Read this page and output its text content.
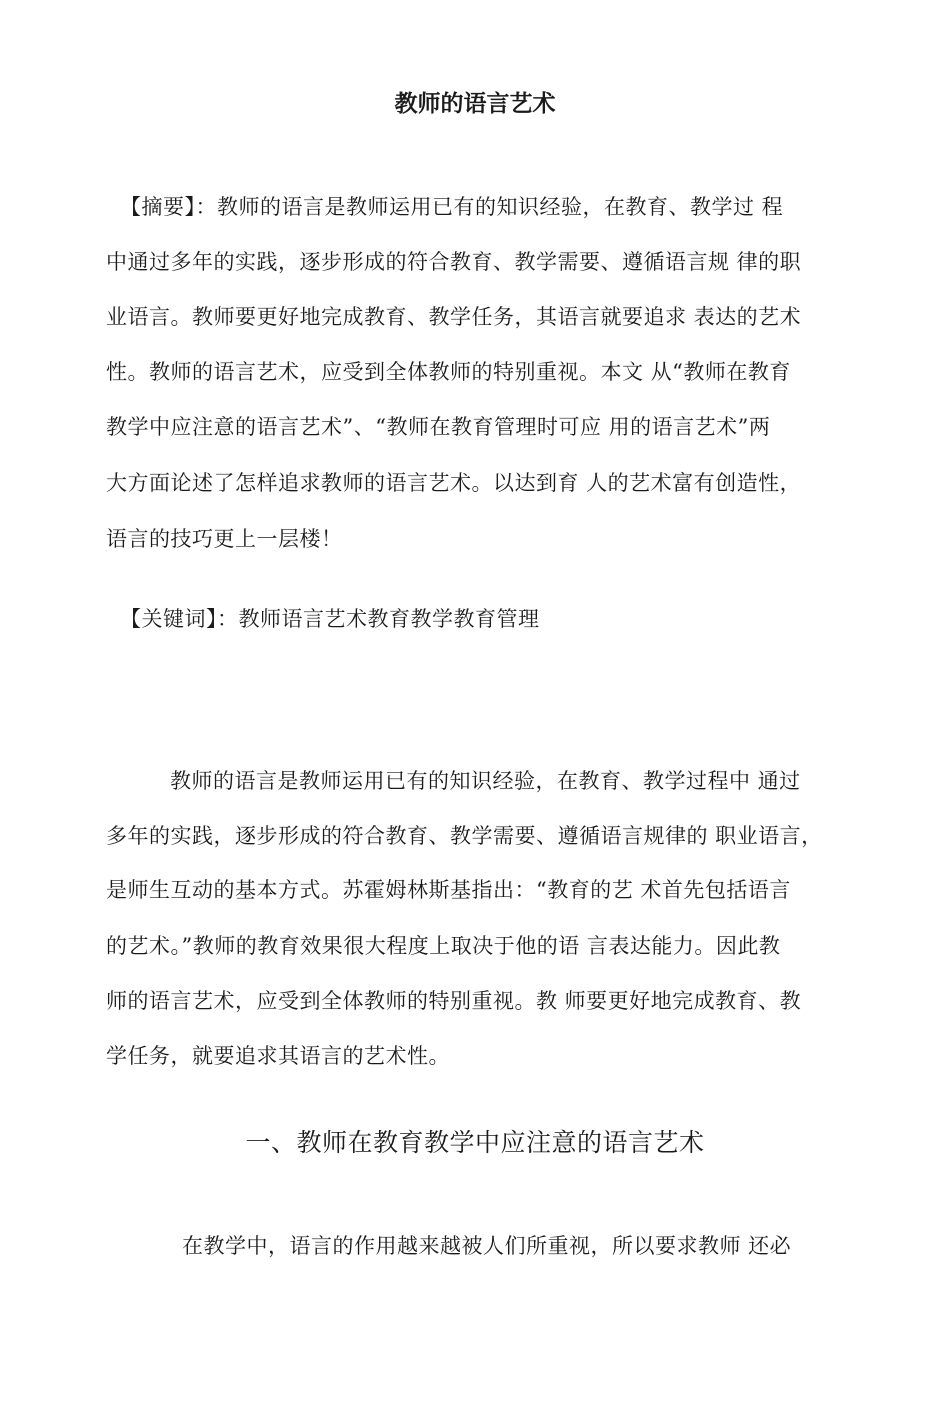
教师的语言艺术
【摘要】：教师的语言是教师运用已有的知识经验，在教育、教学过 程
中通过多年的实践，逐步形成的符合教育、教学需要、遵循语言规 律的职
业语言。教师要更好地完成教育、教学任务，其语言就要追求 表达的艺术
性。教师的语言艺术，应受到全体教师的特别重视。本文 从“教师在教育
教学中应注意的语言艺术”、“教师在教育管理时可应 用的语言艺术”两
大方面论述了怎样追求教师的语言艺术。以达到育 人的艺术富有创造性，
语言的技巧更上一层楼！
【关键词】：教师语言艺术教育教学教育管理
教师的语言是教师运用已有的知识经验，在教育、教学过程中 通过
多年的实践，逐步形成的符合教育、教学需要、遵循语言规律的 职业语言，
是师生互动的基本方式。苏霍姆林斯基指出：“教育的艺 术首先包括语言
的艺术。”教师的教育效果很大程度上取决于他的语 言表达能力。因此教
师的语言艺术，应受到全体教师的特别重视。教 师要更好地完成教育、教
学任务，就要追求其语言的艺术性。
一、教师在教育教学中应注意的语言艺术
在教学中，语言的作用越来越被人们所重视，所以要求教师 还必
